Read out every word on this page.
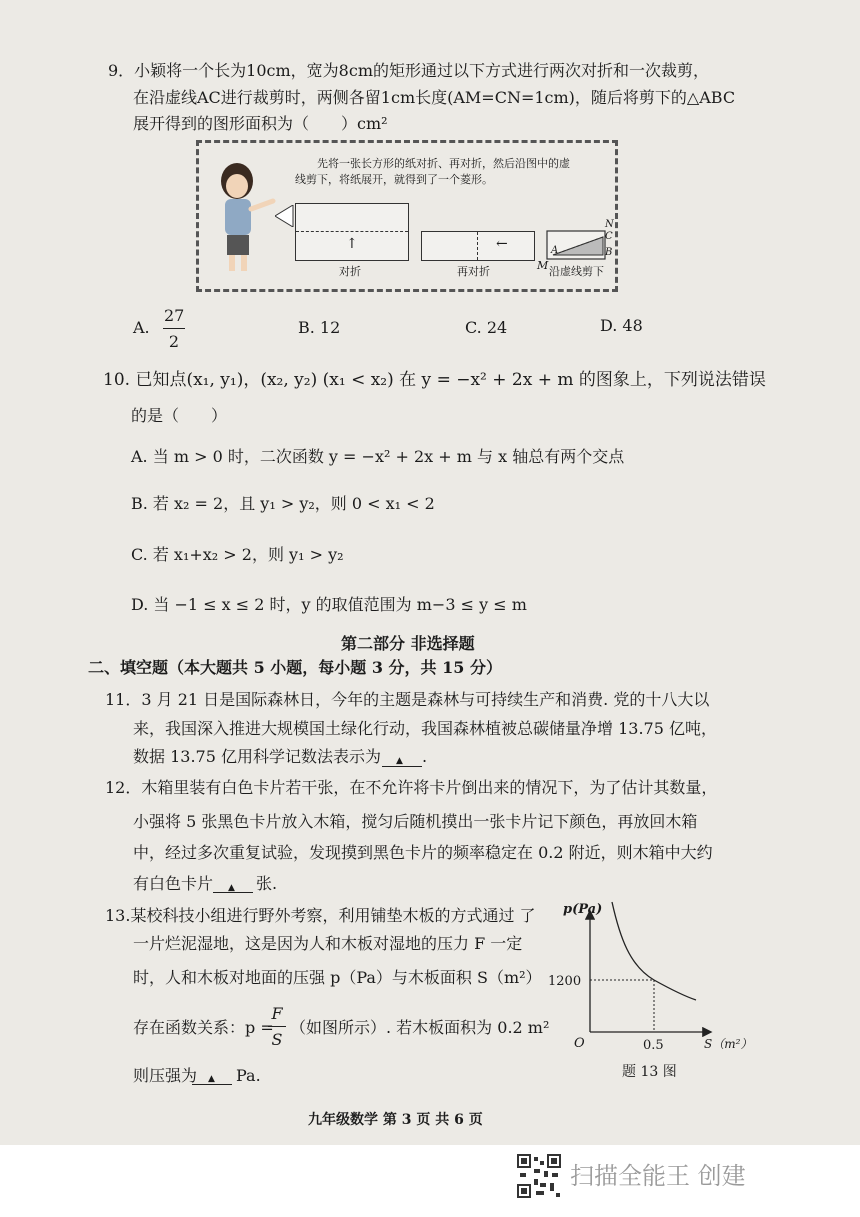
9．小颖将一个长为10cm，宽为8cm的矩形通过以下方式进行两次对折和一次裁剪，
在沿虚线AC进行裁剪时，两侧各留1cm长度(AM=CN=1cm)，随后将剪下的△ABC
展开得到的图形面积为（　　）cm²
先将一张长方形的纸对折、再对折，然后沿图中的虚
线剪下，将纸展开，就得到了一个菱形。
↑
对折
←
再对折
N
C
A	B
M 沿虚线剪下
A.
27
2
B. 12	C. 24	D. 48
10. 已知点(x₁, y₁)，(x₂, y₂) (x₁ < x₂) 在 y = −x² + 2x + m 的图象上，下列说法错误
的是（　　）
A. 当 m > 0 时，二次函数 y = −x² + 2x + m 与 x 轴总有两个交点
B. 若 x₂ = 2，且 y₁ > y₂，则 0 < x₁ < 2
C. 若 x₁+x₂ > 2，则 y₁ > y₂
D. 当 −1 ≤ x ≤ 2 时，y 的取值范围为 m−3 ≤ y ≤ m
第二部分 非选择题
二、填空题（本大题共 5 小题，每小题 3 分，共 15 分）
11．3 月 21 日是国际森林日，今年的主题是森林与可持续生产和消费. 党的十八大以
来，我国深入推进大规模国土绿化行动，我国森林植被总碳储量净增 13.75 亿吨，
数据 13.75 亿用科学记数法表示为 ▲ .
12．木箱里装有白色卡片若干张，在不允许将卡片倒出来的情况下，为了估计其数量，
小强将 5 张黑色卡片放入木箱，搅匀后随机摸出一张卡片记下颜色，再放回木箱
中，经过多次重复试验，发现摸到黑色卡片的频率稳定在 0.2 附近，则木箱中大约
有白色卡片 ▲ 张.
13.某校科技小组进行野外考察，利用铺垫木板的方式通过 了
一片烂泥湿地，这是因为人和木板对湿地的压力 F 一定
时，人和木板对地面的压强 p（Pa）与木板面积 S（m²）
存在函数关系：p =
F
S
（如图所示）. 若木板面积为 0.2 m²
则压强为 ▲ Pa.
p(Pa)
1200
O	0.5	S（m²）
题 13 图
九年级数学 第 3 页 共 6 页
扫描全能王 创建
